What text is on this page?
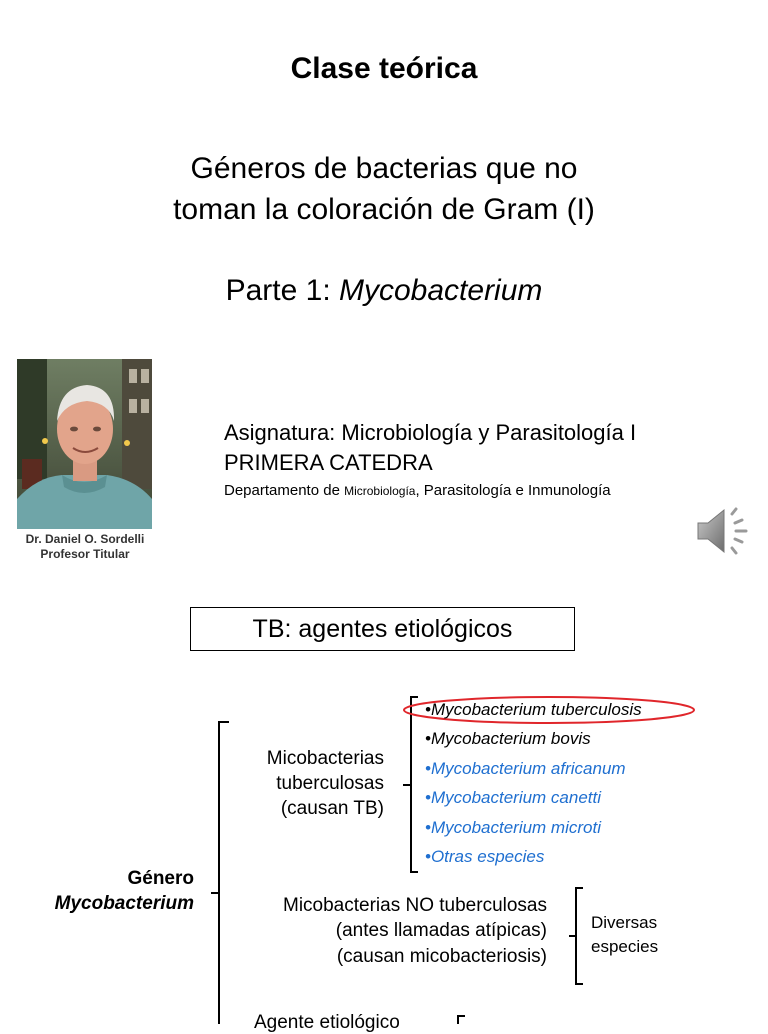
Clase teórica
Géneros de bacterias que no
toman la coloración de Gram (I)
Parte 1: Mycobacterium
Dr. Daniel O. Sordelli
Profesor Titular
Asignatura: Microbiología y Parasitología I
PRIMERA CATEDRA
Departamento de Microbiología, Parasitología e Inmunología
TB: agentes etiológicos
Género
Mycobacterium
Micobacterias
tuberculosas
(causan TB)
•Mycobacterium tuberculosis
•Mycobacterium bovis
•Mycobacterium africanum
•Mycobacterium canetti
•Mycobacterium microti
•Otras especies
Micobacterias NO tuberculosas
(antes llamadas atípicas)
(causan micobacteriosis)
Diversas
especies
Agente etiológico
